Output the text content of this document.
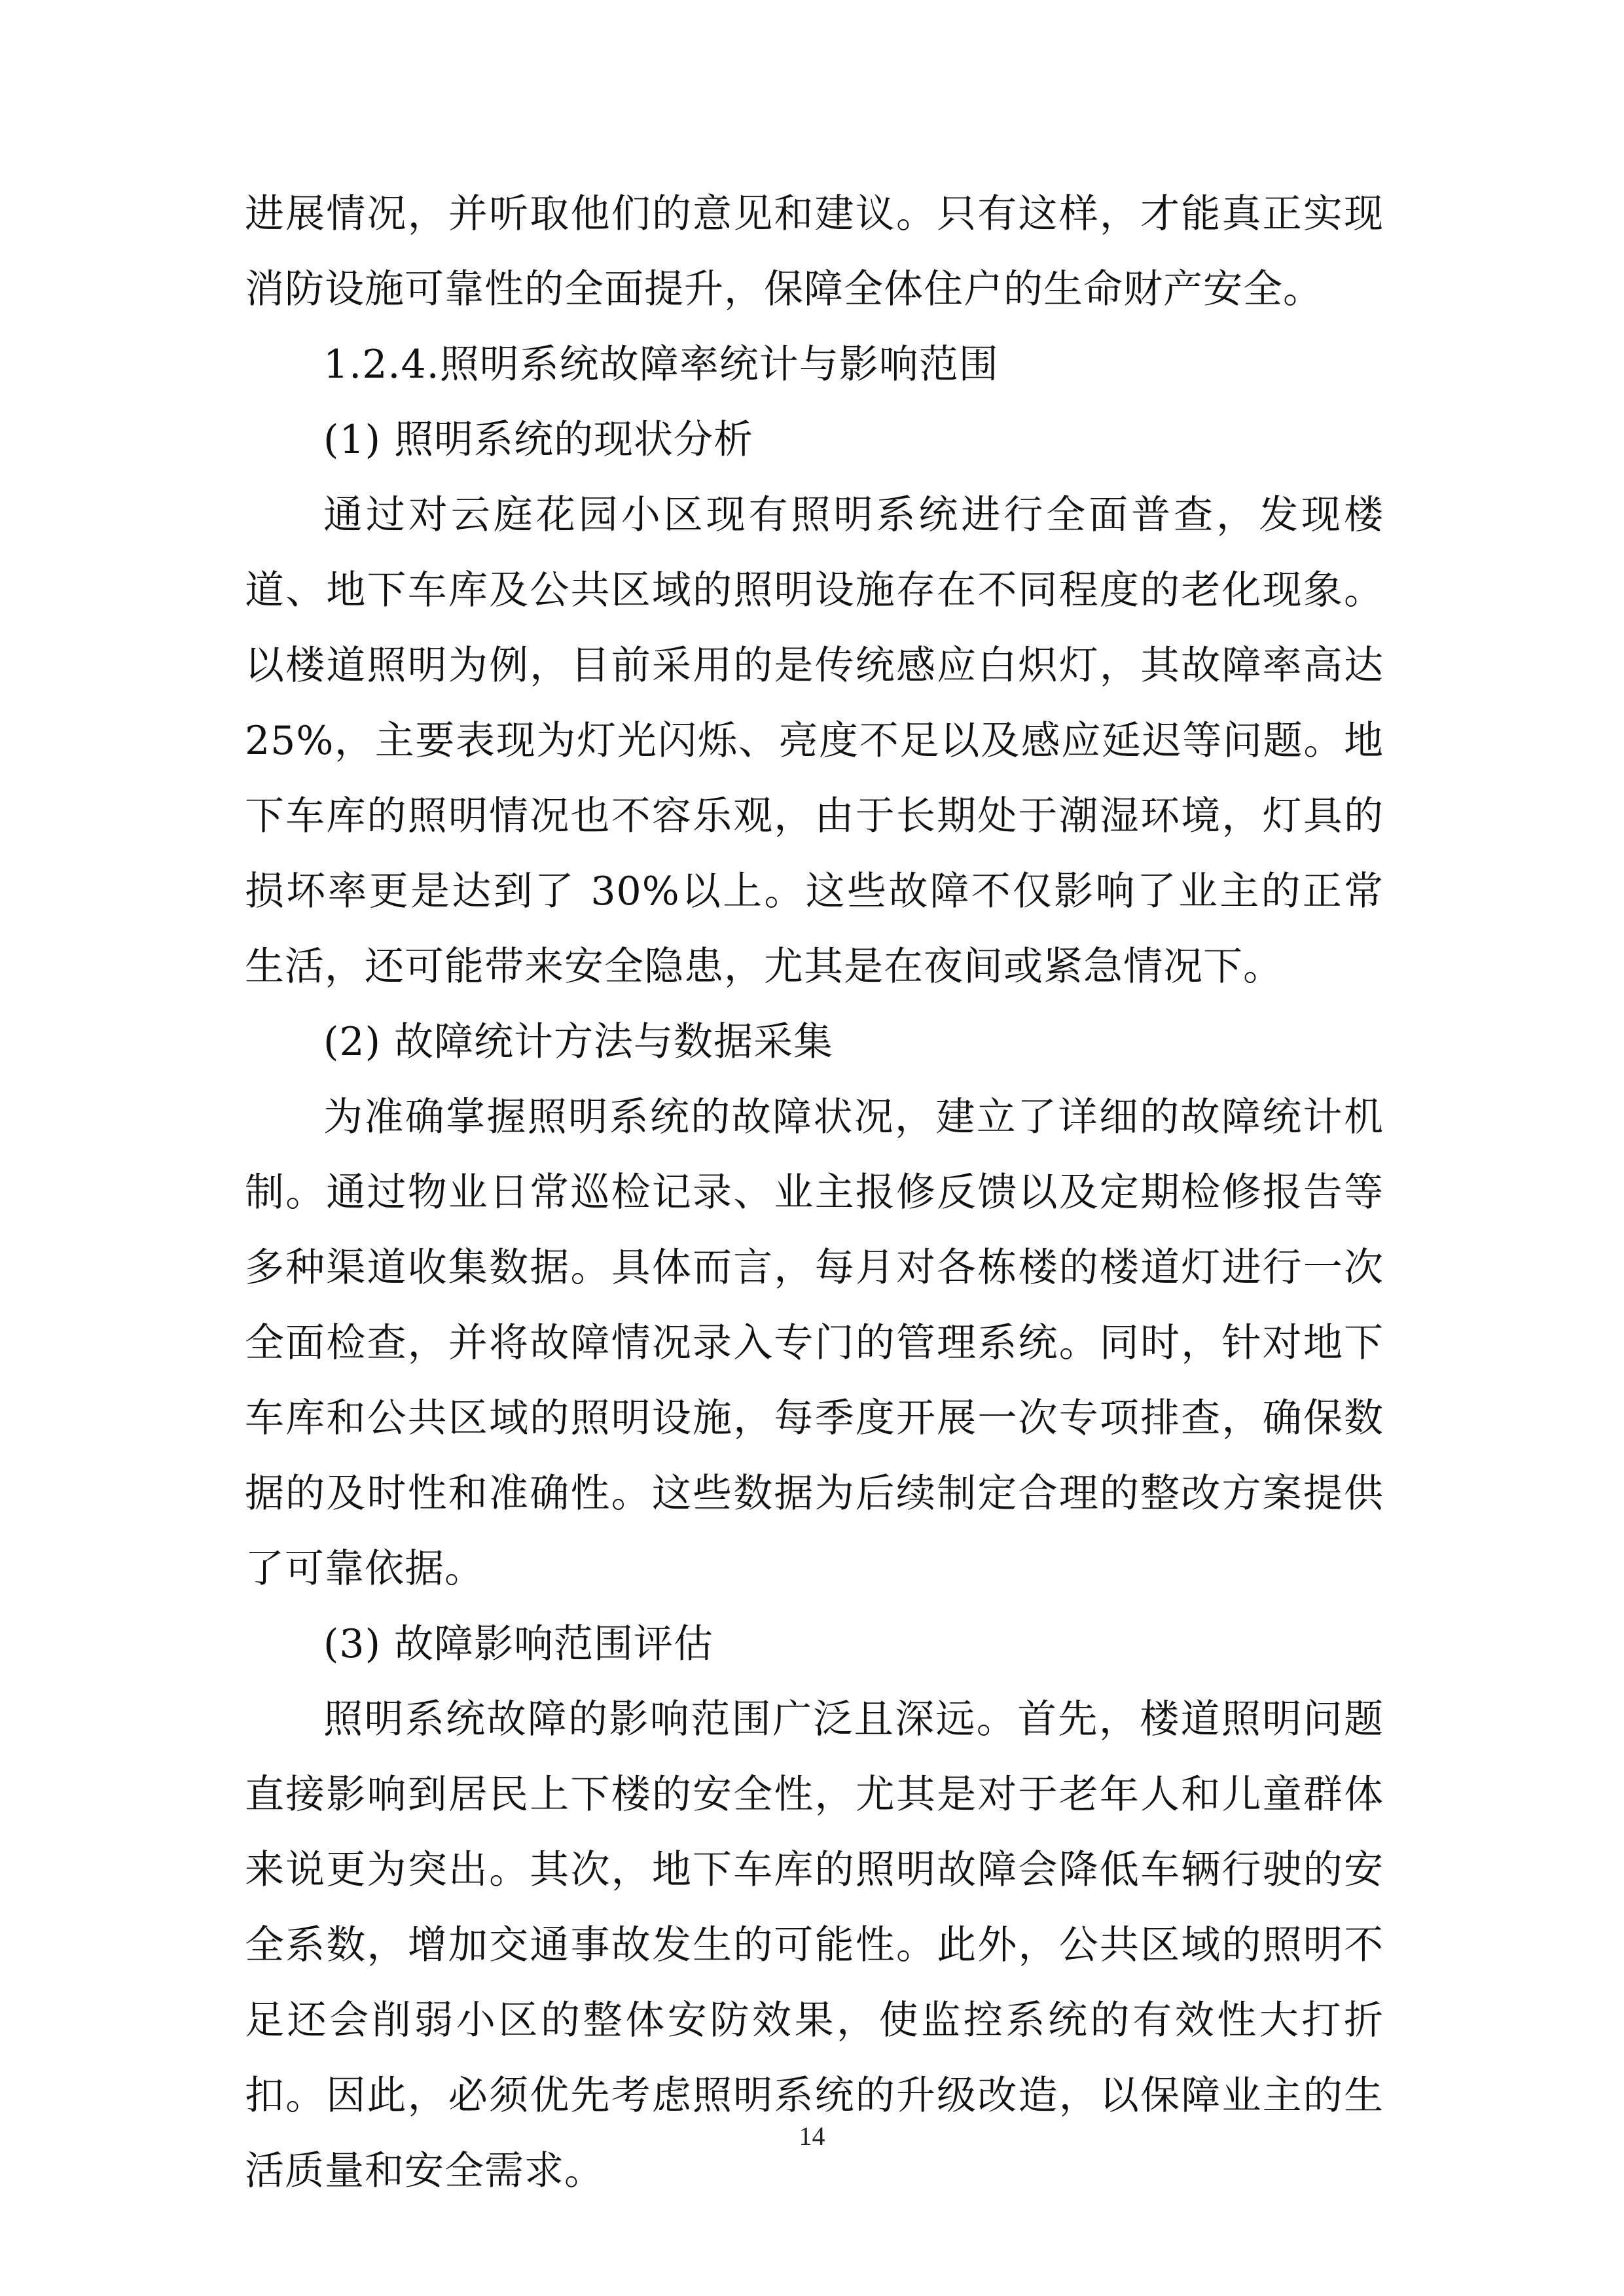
进展情况，并听取他们的意见和建议。只有这样，才能真正实现消防设施可靠性的全面提升，保障全体住户的生命财产安全。

1.2.4.照明系统故障率统计与影响范围

(1) 照明系统的现状分析

通过对云庭花园小区现有照明系统进行全面普查，发现楼道、地下车库及公共区域的照明设施存在不同程度的老化现象。以楼道照明为例，目前采用的是传统感应白炽灯，其故障率高达 25%，主要表现为灯光闪烁、亮度不足以及感应延迟等问题。地下车库的照明情况也不容乐观，由于长期处于潮湿环境，灯具的损坏率更是达到了 30%以上。这些故障不仅影响了业主的正常生活，还可能带来安全隐患，尤其是在夜间或紧急情况下。

(2) 故障统计方法与数据采集

为准确掌握照明系统的故障状况，建立了详细的故障统计机制。通过物业日常巡检记录、业主报修反馈以及定期检修报告等多种渠道收集数据。具体而言，每月对各栋楼的楼道灯进行一次全面检查，并将故障情况录入专门的管理系统。同时，针对地下车库和公共区域的照明设施，每季度开展一次专项排查，确保数据的及时性和准确性。这些数据为后续制定合理的整改方案提供了可靠依据。

(3) 故障影响范围评估

照明系统故障的影响范围广泛且深远。首先，楼道照明问题直接影响到居民上下楼的安全性，尤其是对于老年人和儿童群体来说更为突出。其次，地下车库的照明故障会降低车辆行驶的安全系数，增加交通事故发生的可能性。此外，公共区域的照明不足还会削弱小区的整体安防效果，使监控系统的有效性大打折扣。因此，必须优先考虑照明系统的升级改造，以保障业主的生活质量和安全需求。

14
